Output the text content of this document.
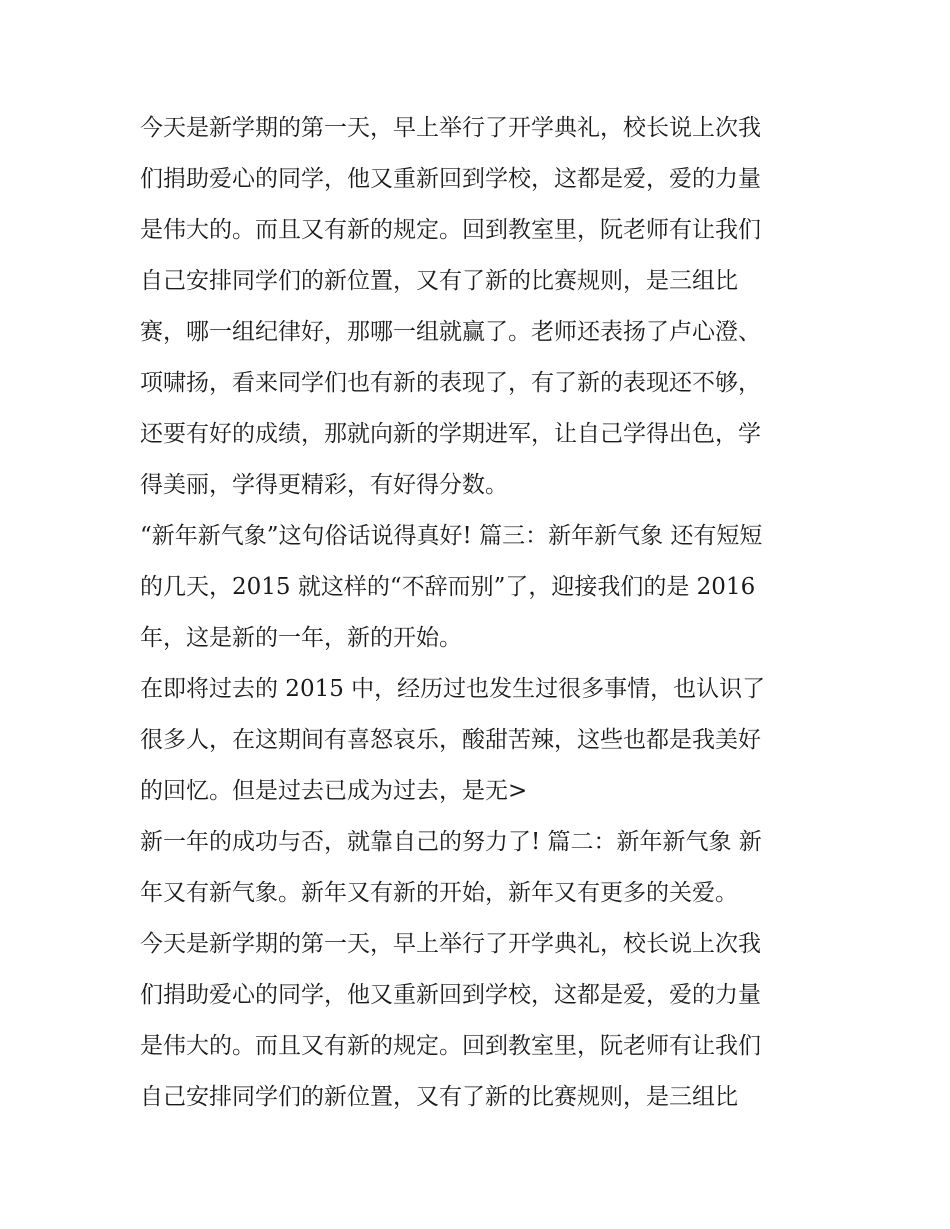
今天是新学期的第一天，早上举行了开学典礼，校长说上次我
们捐助爱心的同学，他又重新回到学校，这都是爱，爱的力量
是伟大的。而且又有新的规定。回到教室里，阮老师有让我们
自己安排同学们的新位置，又有了新的比赛规则，是三组比
赛，哪一组纪律好，那哪一组就赢了。老师还表扬了卢心澄、
项啸扬，看来同学们也有新的表现了，有了新的表现还不够，
还要有好的成绩，那就向新的学期进军，让自己学得出色，学
得美丽，学得更精彩，有好得分数。
“新年新气象”这句俗话说得真好! 篇三：新年新气象 还有短短
的几天，2015 就这样的“不辞而别”了，迎接我们的是 2016
年，这是新的一年，新的开始。
在即将过去的 2015 中，经历过也发生过很多事情，也认识了
很多人，在这期间有喜怒哀乐，酸甜苦辣，这些也都是我美好
的回忆。但是过去已成为过去，是无>
新一年的成功与否，就靠自己的努力了! 篇二：新年新气象 新
年又有新气象。新年又有新的开始，新年又有更多的关爱。
今天是新学期的第一天，早上举行了开学典礼，校长说上次我
们捐助爱心的同学，他又重新回到学校，这都是爱，爱的力量
是伟大的。而且又有新的规定。回到教室里，阮老师有让我们
自己安排同学们的新位置，又有了新的比赛规则，是三组比
